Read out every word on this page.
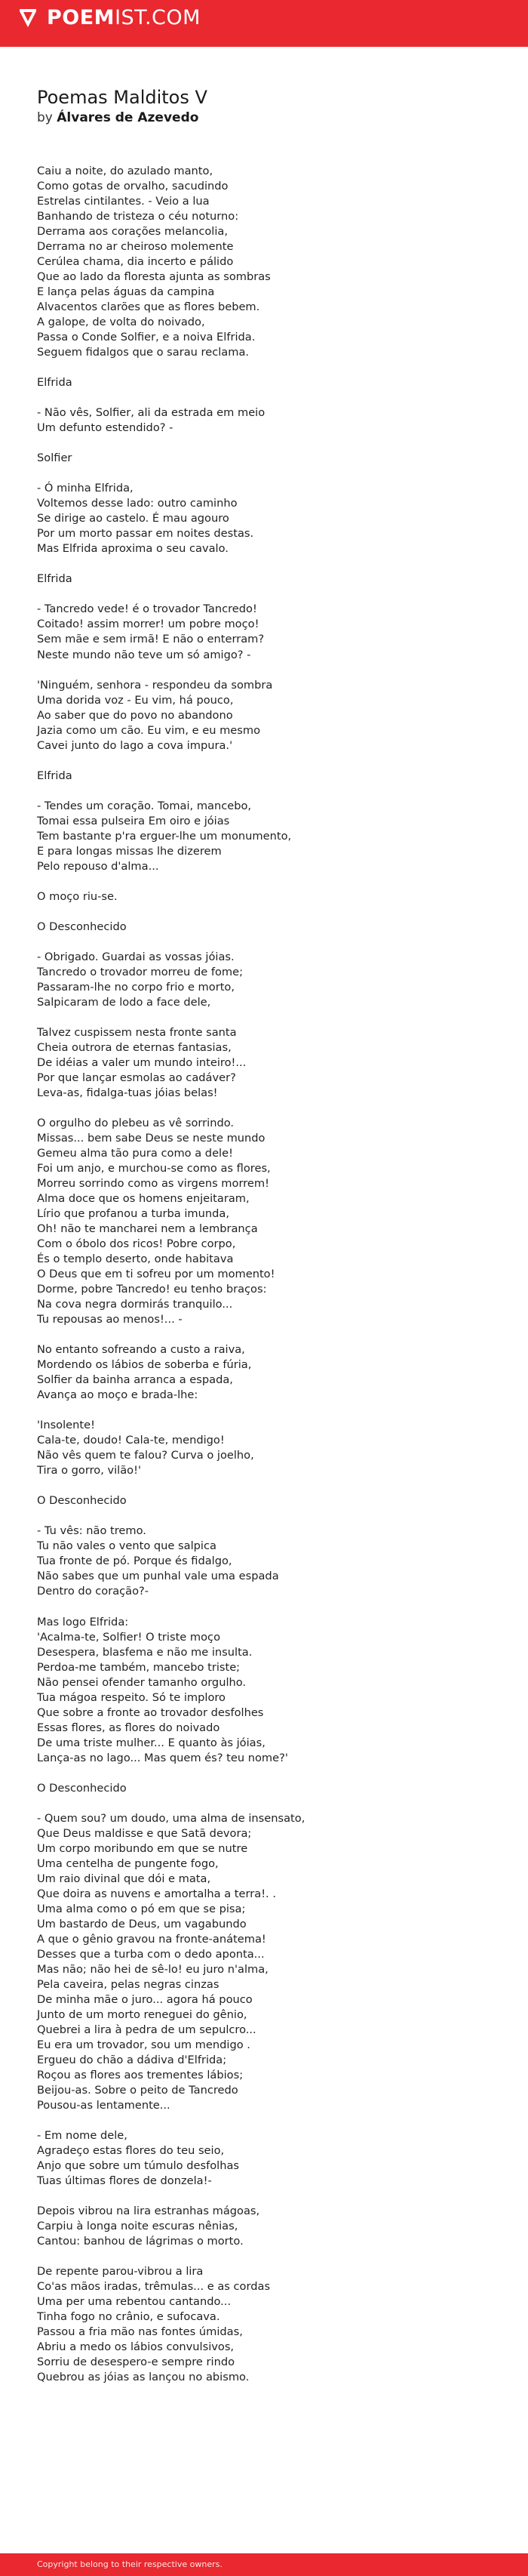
POEMIST.COM
Poemas Malditos V
by Álvares de Azevedo
Caiu a noite, do azulado manto,
Como gotas de orvalho, sacudindo
Estrelas cintilantes. - Veio a lua
Banhando de tristeza o céu noturno:
Derrama aos corações melancolia,
Derrama no ar cheiroso molemente
Cerúlea chama, dia incerto e pálido
Que ao lado da floresta ajunta as sombras
E lança pelas águas da campina
Alvacentos clarões que as flores bebem.
A galope, de volta do noivado,
Passa o Conde Solfier, e a noiva Elfrida.
Seguem fidalgos que o sarau reclama.
Elfrida
- Não vês, Solfier, ali da estrada em meio
Um defunto estendido? -
Solfier
- Ó minha Elfrida,
Voltemos desse lado: outro caminho
Se dirige ao castelo. É mau agouro
Por um morto passar em noites destas.
Mas Elfrida aproxima o seu cavalo.
Elfrida
- Tancredo vede! é o trovador Tancredo!
Coitado! assim morrer! um pobre moço!
Sem mãe e sem irmã! E não o enterram?
Neste mundo não teve um só amigo? -
'Ninguém, senhora - respondeu da sombra
Uma dorida voz - Eu vim, há pouco,
Ao saber que do povo no abandono
Jazia como um cão. Eu vim, e eu mesmo
Cavei junto do lago a cova impura.'
Elfrida
- Tendes um coração. Tomai, mancebo,
Tomai essa pulseira Em oiro e jóias
Tem bastante p'ra erguer-lhe um monumento,
E para longas missas lhe dizerem
Pelo repouso d'alma...
O moço riu-se.
O Desconhecido
- Obrigado. Guardai as vossas jóias.
Tancredo o trovador morreu de fome;
Passaram-lhe no corpo frio e morto,
Salpicaram de lodo a face dele,
Talvez cuspissem nesta fronte santa
Cheia outrora de eternas fantasias,
De idéias a valer um mundo inteiro!...
Por que lançar esmolas ao cadáver?
Leva-as, fidalga-tuas jóias belas!
O orgulho do plebeu as vê sorrindo.
Missas... bem sabe Deus se neste mundo
Gemeu alma tão pura como a dele!
Foi um anjo, e murchou-se como as flores,
Morreu sorrindo como as virgens morrem!
Alma doce que os homens enjeitaram,
Lírio que profanou a turba imunda,
Oh! não te mancharei nem a lembrança
Com o óbolo dos ricos! Pobre corpo,
És o templo deserto, onde habitava
O Deus que em ti sofreu por um momento!
Dorme, pobre Tancredo! eu tenho braços:
Na cova negra dormirás tranquilo...
Tu repousas ao menos!... -
No entanto sofreando a custo a raiva,
Mordendo os lábios de soberba e fúria,
Solfier da bainha arranca a espada,
Avança ao moço e brada-lhe:
'Insolente!
Cala-te, doudo! Cala-te, mendigo!
Não vês quem te falou? Curva o joelho,
Tira o gorro, vilão!'
O Desconhecido
- Tu vês: não tremo.
Tu não vales o vento que salpica
Tua fronte de pó. Porque és fidalgo,
Não sabes que um punhal vale uma espada
Dentro do coração?-
Mas logo Elfrida:
'Acalma-te, Solfier! O triste moço
Desespera, blasfema e não me insulta.
Perdoa-me também, mancebo triste;
Não pensei ofender tamanho orgulho.
Tua mágoa respeito. Só te imploro
Que sobre a fronte ao trovador desfolhes
Essas flores, as flores do noivado
De uma triste mulher... E quanto às jóias,
Lança-as no lago... Mas quem és? teu nome?'
O Desconhecido
- Quem sou? um doudo, uma alma de insensato,
Que Deus maldisse e que Satã devora;
Um corpo moribundo em que se nutre
Uma centelha de pungente fogo,
Um raio divinal que dói e mata,
Que doira as nuvens e amortalha a terra!. .
Uma alma como o pó em que se pisa;
Um bastardo de Deus, um vagabundo
A que o gênio gravou na fronte-anátema!
Desses que a turba com o dedo aponta...
Mas não; não hei de sê-lo! eu juro n'alma,
Pela caveira, pelas negras cinzas
De minha mãe o juro... agora há pouco
Junto de um morto reneguei do gênio,
Quebrei a lira à pedra de um sepulcro...
Eu era um trovador, sou um mendigo .
Ergueu do chão a dádiva d'Elfrida;
Roçou as flores aos trementes lábios;
Beijou-as. Sobre o peito de Tancredo
Pousou-as lentamente...
- Em nome dele,
Agradeço estas flores do teu seio,
Anjo que sobre um túmulo desfolhas
Tuas últimas flores de donzela!-
Depois vibrou na lira estranhas mágoas,
Carpiu à longa noite escuras nênias,
Cantou: banhou de lágrimas o morto.
De repente parou-vibrou a lira
Co'as mãos iradas, trêmulas... e as cordas
Uma per uma rebentou cantando...
Tinha fogo no crânio, e sufocava.
Passou a fria mão nas fontes úmidas,
Abriu a medo os lábios convulsivos,
Sorriu de desespero-e sempre rindo
Quebrou as jóias as lançou no abismo.
Copyright belong to their respective owners.
